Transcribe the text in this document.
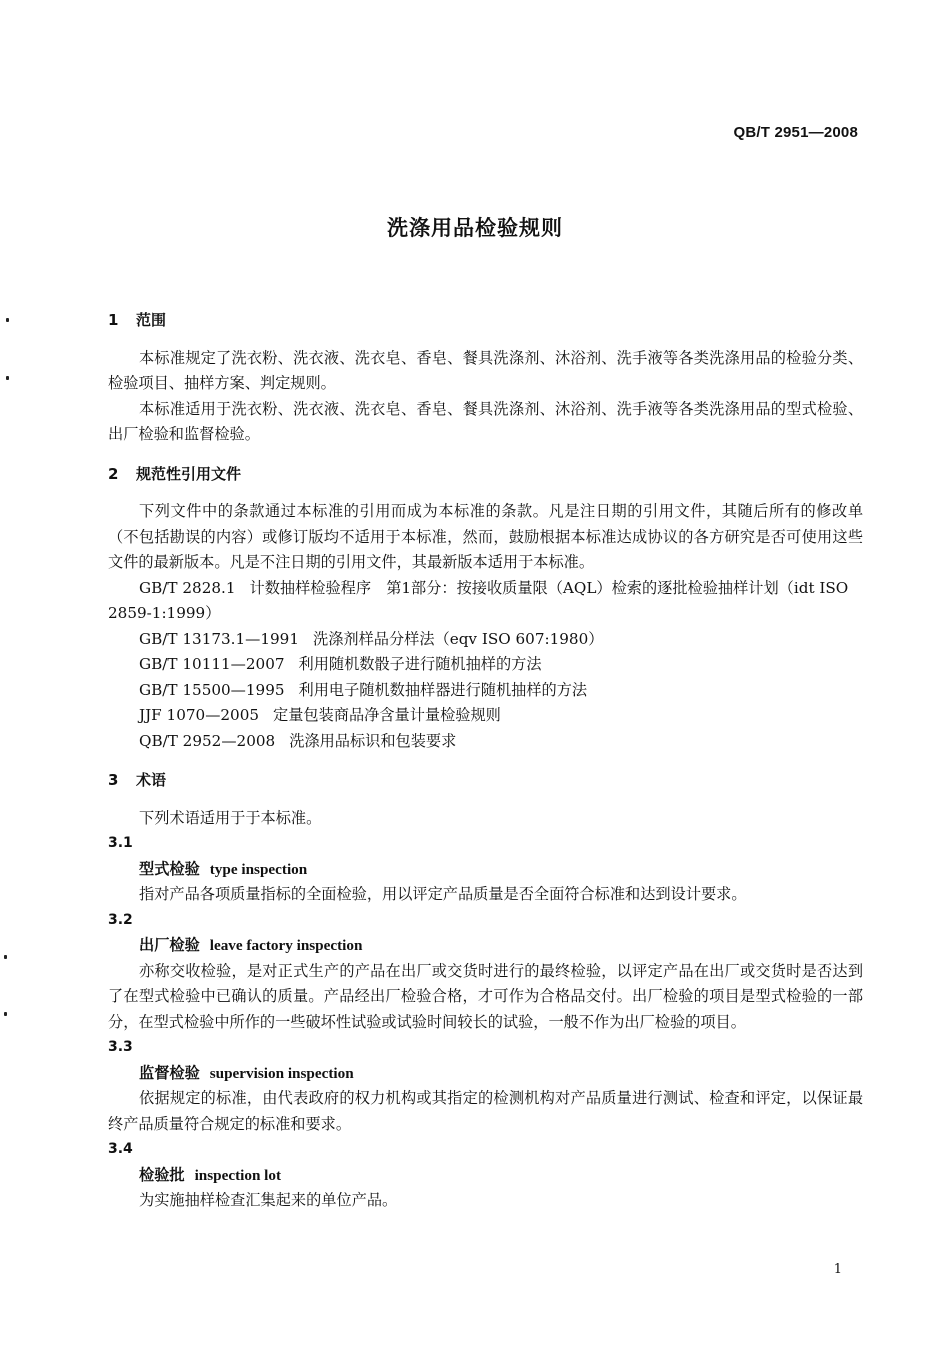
QB/T 2951—2008
洗涤用品检验规则
1 范围

本标准规定了洗衣粉、洗衣液、洗衣皂、香皂、餐具洗涤剂、沐浴剂、洗手液等各类洗涤用品的检验分类、检验项目、抽样方案、判定规则。

本标准适用于洗衣粉、洗衣液、洗衣皂、香皂、餐具洗涤剂、沐浴剂、洗手液等各类洗涤用品的型式检验、出厂检验和监督检验。

2 规范性引用文件

下列文件中的条款通过本标准的引用而成为本标准的条款。凡是注日期的引用文件，其随后所有的修改单（不包括勘误的内容）或修订版均不适用于本标准，然而，鼓励根据本标准达成协议的各方研究是否可使用这些文件的最新版本。凡是不注日期的引用文件，其最新版本适用于本标准。

GB/T 2828.1 计数抽样检验程序　第1部分：按接收质量限（AQL）检索的逐批检验抽样计划（idt ISO 2859-1:1999）

GB/T 13173.1—1991 洗涤剂样品分样法（eqv ISO 607:1980）

GB/T 10111—2007 利用随机数骰子进行随机抽样的方法

GB/T 15500—1995 利用电子随机数抽样器进行随机抽样的方法

JJF 1070—2005 定量包装商品净含量计量检验规则

QB/T 2952—2008 洗涤用品标识和包装要求

3 术语

下列术语适用于于本标准。

3.1

型式检验 type inspection

指对产品各项质量指标的全面检验，用以评定产品质量是否全面符合标准和达到设计要求。

3.2

出厂检验 leave factory inspection

亦称交收检验，是对正式生产的产品在出厂或交货时进行的最终检验，以评定产品在出厂或交货时是否达到了在型式检验中已确认的质量。产品经出厂检验合格，才可作为合格品交付。出厂检验的项目是型式检验的一部分，在型式检验中所作的一些破坏性试验或试验时间较长的试验，一般不作为出厂检验的项目。

3.3

监督检验 supervision inspection

依据规定的标准，由代表政府的权力机构或其指定的检测机构对产品质量进行测试、检查和评定，以保证最终产品质量符合规定的标准和要求。

3.4

检验批 inspection lot

为实施抽样检查汇集起来的单位产品。

1
